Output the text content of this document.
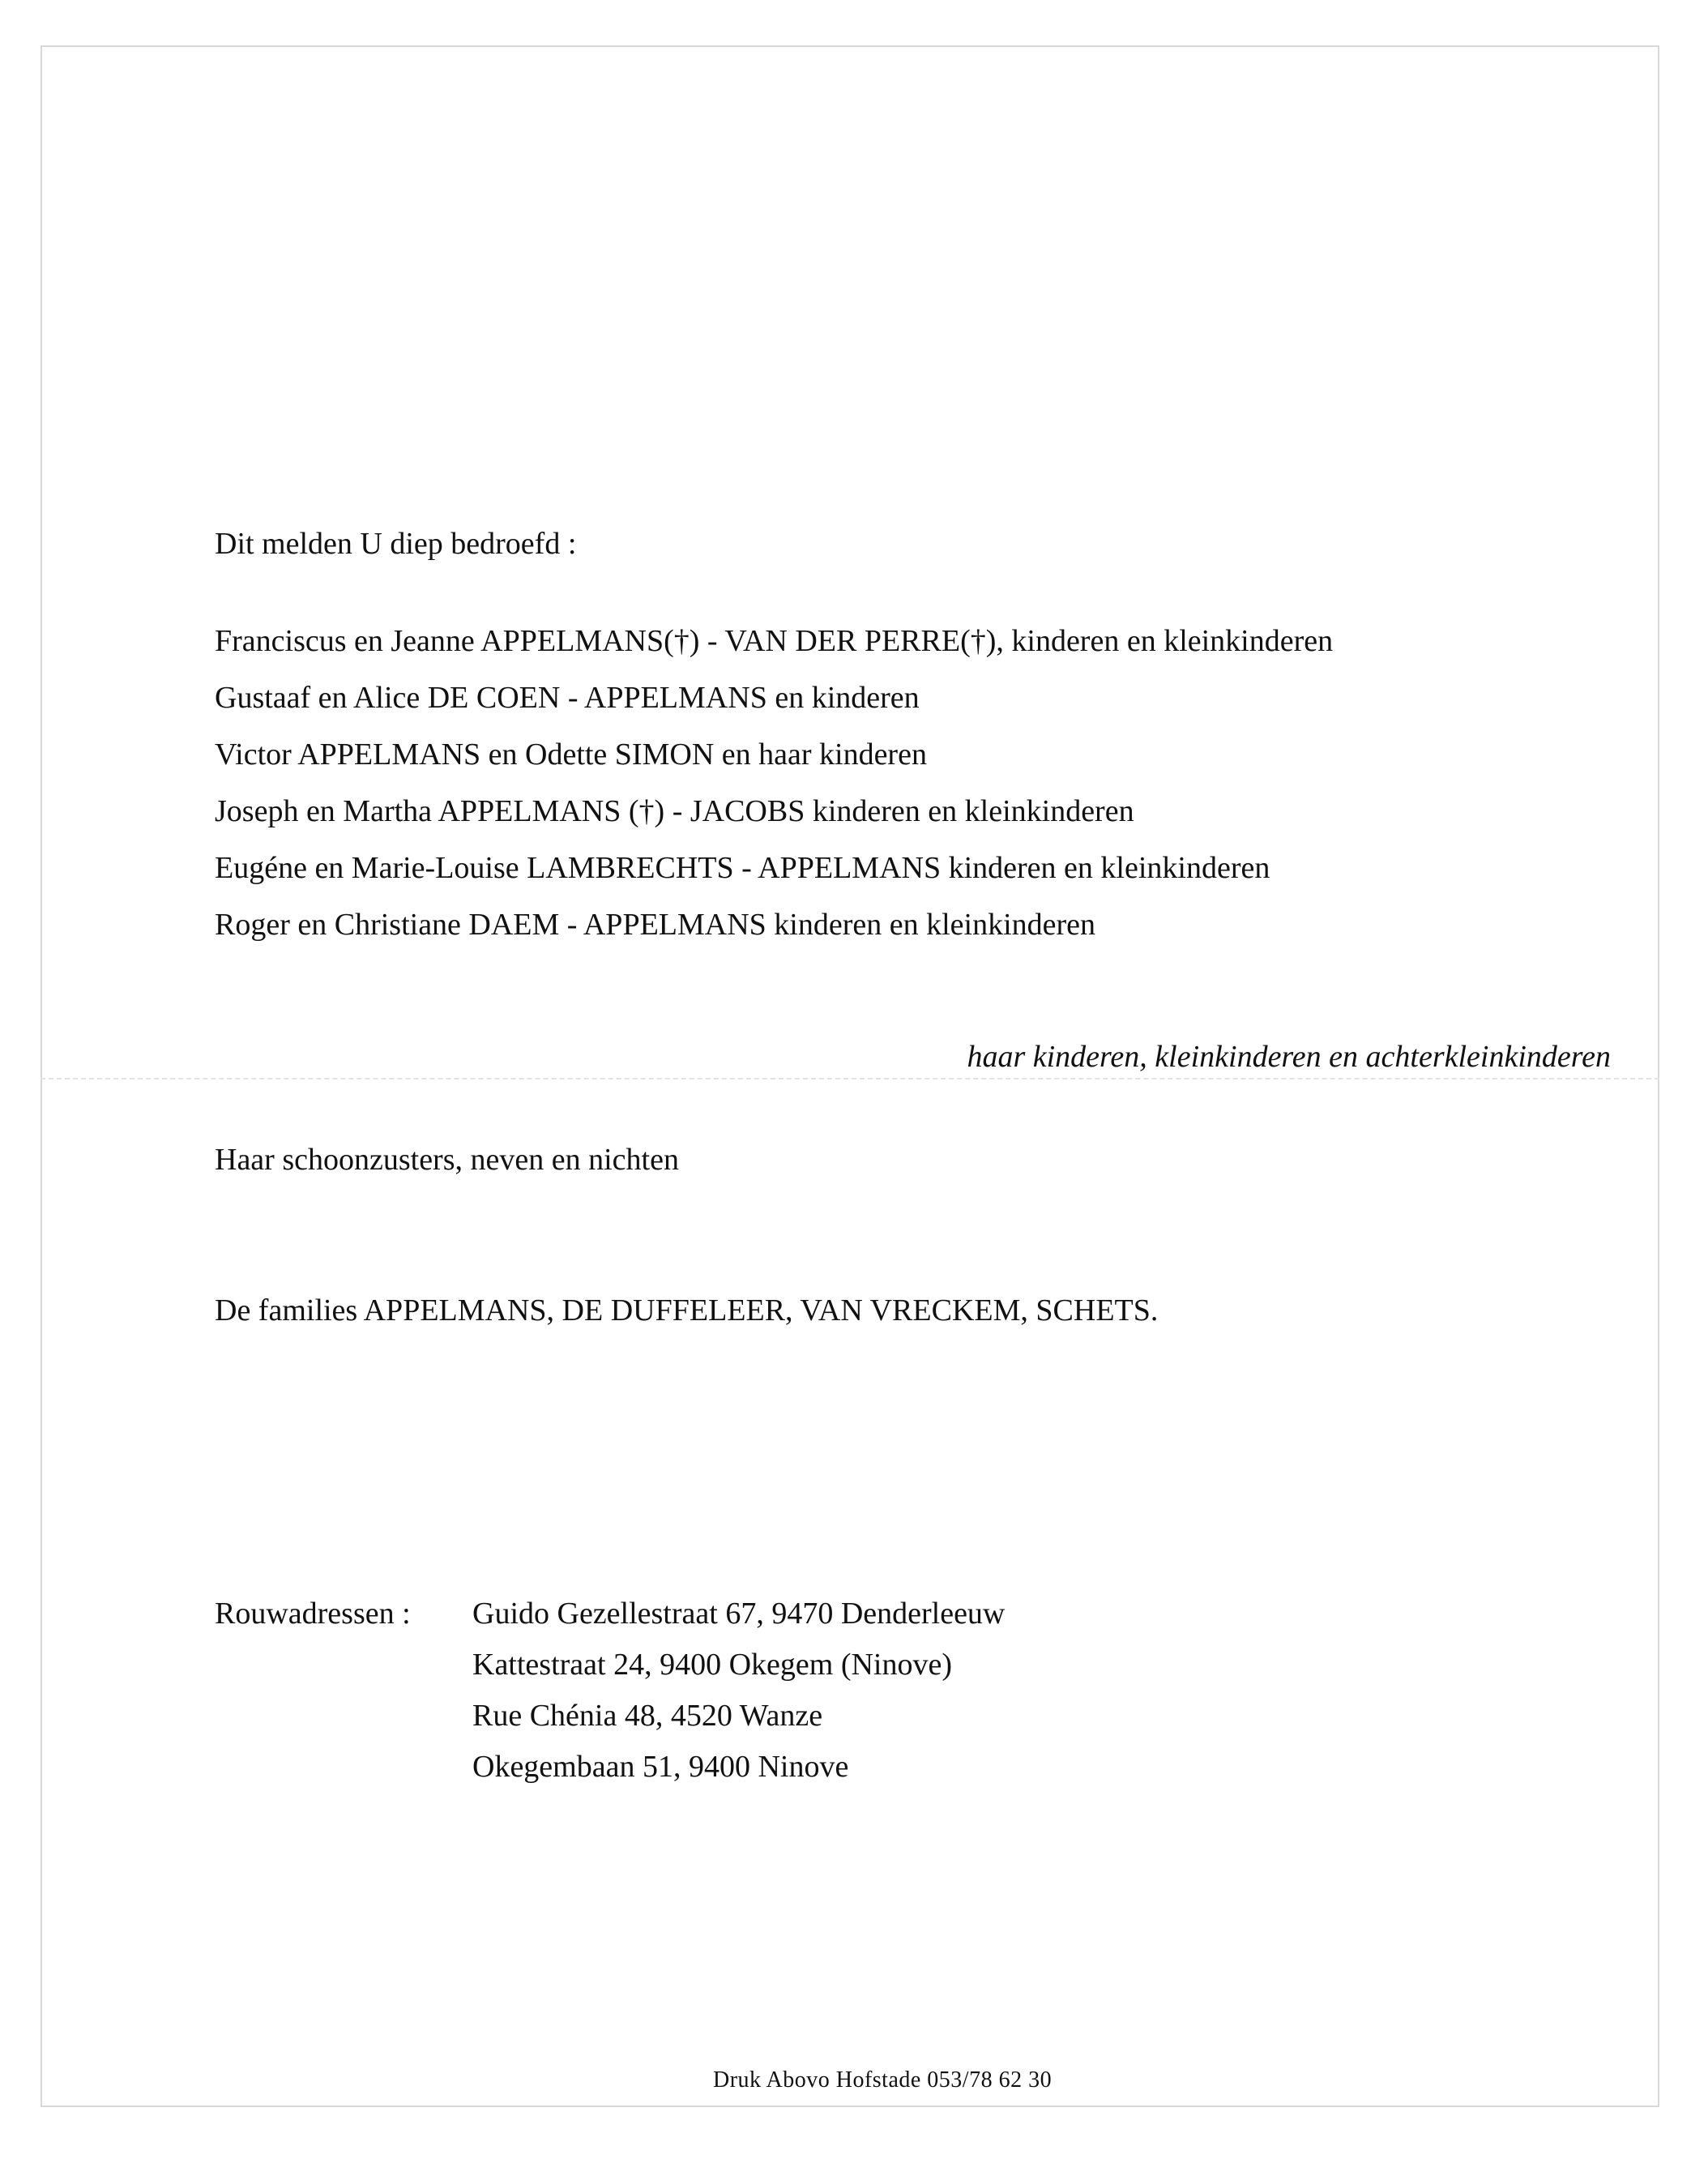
Dit melden U diep bedroefd :
Franciscus en Jeanne APPELMANS(†) - VAN DER PERRE(†), kinderen en kleinkinderen
Gustaaf en Alice DE COEN - APPELMANS en kinderen
Victor APPELMANS en Odette SIMON en haar kinderen
Joseph en Martha APPELMANS (†) - JACOBS kinderen en kleinkinderen
Eugéne en Marie-Louise LAMBRECHTS - APPELMANS kinderen en kleinkinderen
Roger en Christiane DAEM - APPELMANS kinderen en kleinkinderen
haar kinderen, kleinkinderen en achterkleinkinderen
Haar schoonzusters, neven en nichten
De families APPELMANS, DE DUFFELEER, VAN VRECKEM, SCHETS.
Rouwadressen : Guido Gezellestraat 67, 9470 Denderleeuw
Kattestraat 24, 9400 Okegem (Ninove)
Rue Chénia 48, 4520 Wanze
Okegembaan 51, 9400 Ninove
Druk Abovo Hofstade 053/78 62 30
